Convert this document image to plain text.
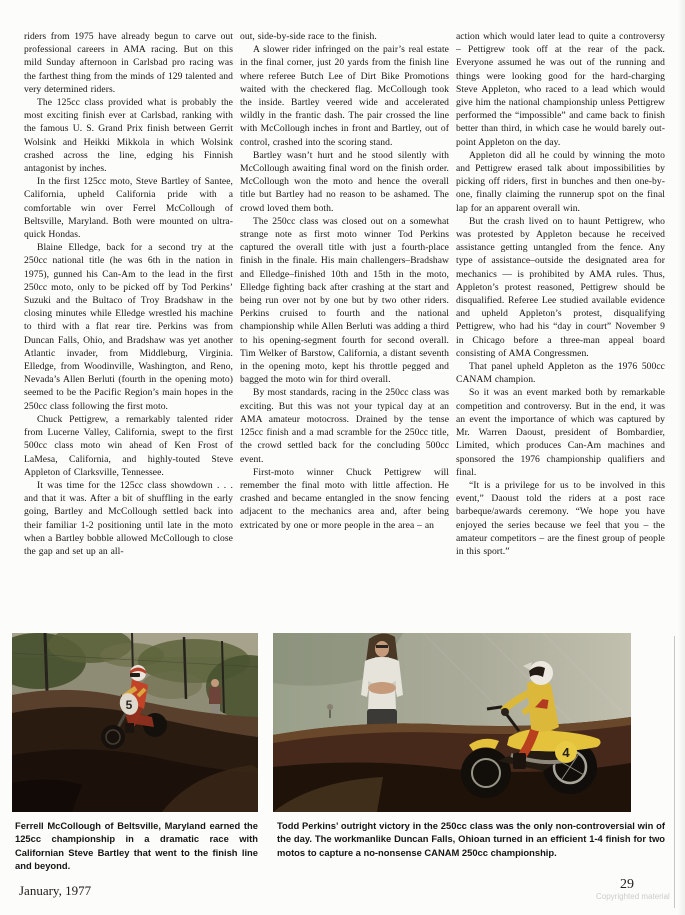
riders from 1975 have already begun to carve out professional careers in AMA racing. But on this mild Sunday afternoon in Carlsbad pro racing was the farthest thing from the minds of 129 talented and very determined riders.

The 125cc class provided what is probably the most exciting finish ever at Carlsbad, ranking with the famous U. S. Grand Prix finish between Gerrit Wolsink and Heikki Mikkola in which Wolsink crashed across the line, edging his Finnish antagonist by inches.

In the first 125cc moto, Steve Bartley of Santee, California, upheld California pride with a comfortable win over Ferrel McCollough of Beltsville, Maryland. Both were mounted on ultra-quick Hondas.

Blaine Elledge, back for a second try at the 250cc national title (he was 6th in the nation in 1975), gunned his Can-Am to the lead in the first 250cc moto, only to be picked off by Tod Perkins’ Suzuki and the Bultaco of Troy Bradshaw in the closing minutes while Elledge wrestled his machine to third with a flat rear tire. Perkins was from Duncan Falls, Ohio, and Bradshaw was yet another Atlantic invader, from Middleburg, Virginia. Elledge, from Woodinville, Washington, and Reno, Nevada’s Allen Berluti (fourth in the opening moto) seemed to be the Pacific Region’s main hopes in the 250cc class following the first moto.

Chuck Pettigrew, a remarkably talented rider from Lucerne Valley, California, swept to the first 500cc class moto win ahead of Ken Frost of LaMesa, California, and highly-touted Steve Appleton of Clarksville, Tennessee.

It was time for the 125cc class showdown . . . and that it was. After a bit of shuffling in the early going, Bartley and McCollough settled back into their familiar 1-2 positioning until late in the moto when a Bartley bobble allowed McCollough to close the gap and set up an all-

out, side-by-side race to the finish.

A slower rider infringed on the pair’s real estate in the final corner, just 20 yards from the finish line where referee Butch Lee of Dirt Bike Promotions waited with the checkered flag. McCollough took the inside. Bartley veered wide and accelerated wildly in the frantic dash. The pair crossed the line with McCollough inches in front and Bartley, out of control, crashed into the scoring stand.

Bartley wasn’t hurt and he stood silently with McCollough awaiting final word on the finish order. McCollough won the moto and hence the overall title but Bartley had no reason to be ashamed. The crowd loved them both.

The 250cc class was closed out on a somewhat strange note as first moto winner Tod Perkins captured the overall title with just a fourth-place finish in the finale. His main challengers–Bradshaw and Elledge–finished 10th and 15th in the moto, Elledge fighting back after crashing at the start and being run over not by one but by two other riders. Perkins cruised to fourth and the national championship while Allen Berluti was adding a third to his opening-segment fourth for second overall. Tim Welker of Barstow, California, a distant seventh in the opening moto, kept his throttle pegged and bagged the moto win for third overall.

By most standards, racing in the 250cc class was exciting. But this was not your typical day at an AMA amateur motocross. Drained by the tense 125cc finish and a mad scramble for the 250cc title, the crowd settled back for the concluding 500cc event.

First-moto winner Chuck Pettigrew will remember the final moto with little affection. He crashed and became entangled in the snow fencing adjacent to the mechanics area and, after being extricated by one or more people in the area – an

action which would later lead to quite a controversy – Pettigrew took off at the rear of the pack. Everyone assumed he was out of the running and things were looking good for the hard-charging Steve Appleton, who raced to a lead which would give him the national championship unless Pettigrew performed the “impossible” and came back to finish better than third, in which case he would barely out-point Appleton on the day.

Appleton did all he could by winning the moto and Pettigrew erased talk about impossibilities by picking off riders, first in bunches and then one-by-one, finally claiming the runnerup spot on the final lap for an apparent overall win.

But the crash lived on to haunt Pettigrew, who was protested by Appleton because he received assistance getting untangled from the fence. Any type of assistance–outside the designated area for mechanics — is prohibited by AMA rules. Thus, Appleton’s protest reasoned, Pettigrew should be disqualified. Referee Lee studied available evidence and upheld Appleton’s protest, disqualifying Pettigrew, who had his “day in court” November 9 in Chicago before a three-man appeal board consisting of AMA Congressmen.

That panel upheld Appleton as the 1976 500cc CANAM champion.

So it was an event marked both by remarkable competition and controversy. But in the end, it was an event the importance of which was captured by Mr. Warren Daoust, president of Bombardier, Limited, which produces Can-Am machines and sponsored the 1976 championship qualifiers and final.

“It is a privilege for us to be involved in this event,” Daoust told the riders at a post race barbeque/awards ceremony. “We hope you have enjoyed the series because we feel that you – the amateur competitors – are the finest group of people in this sport.”

5
4
Ferrell McCollough of Beltsville, Maryland earned the 125cc championship in a dramatic race with Californian Steve Bartley that went to the finish line and beyond.
Todd Perkins’ outright victory in the 250cc class was the only non-controversial win of the day. The workmanlike Duncan Falls, Ohioan turned in an efficient 1-4 finish for two motos to capture a no-nonsense CANAM 250cc championship.
January, 1977	29
Copyrighted material
